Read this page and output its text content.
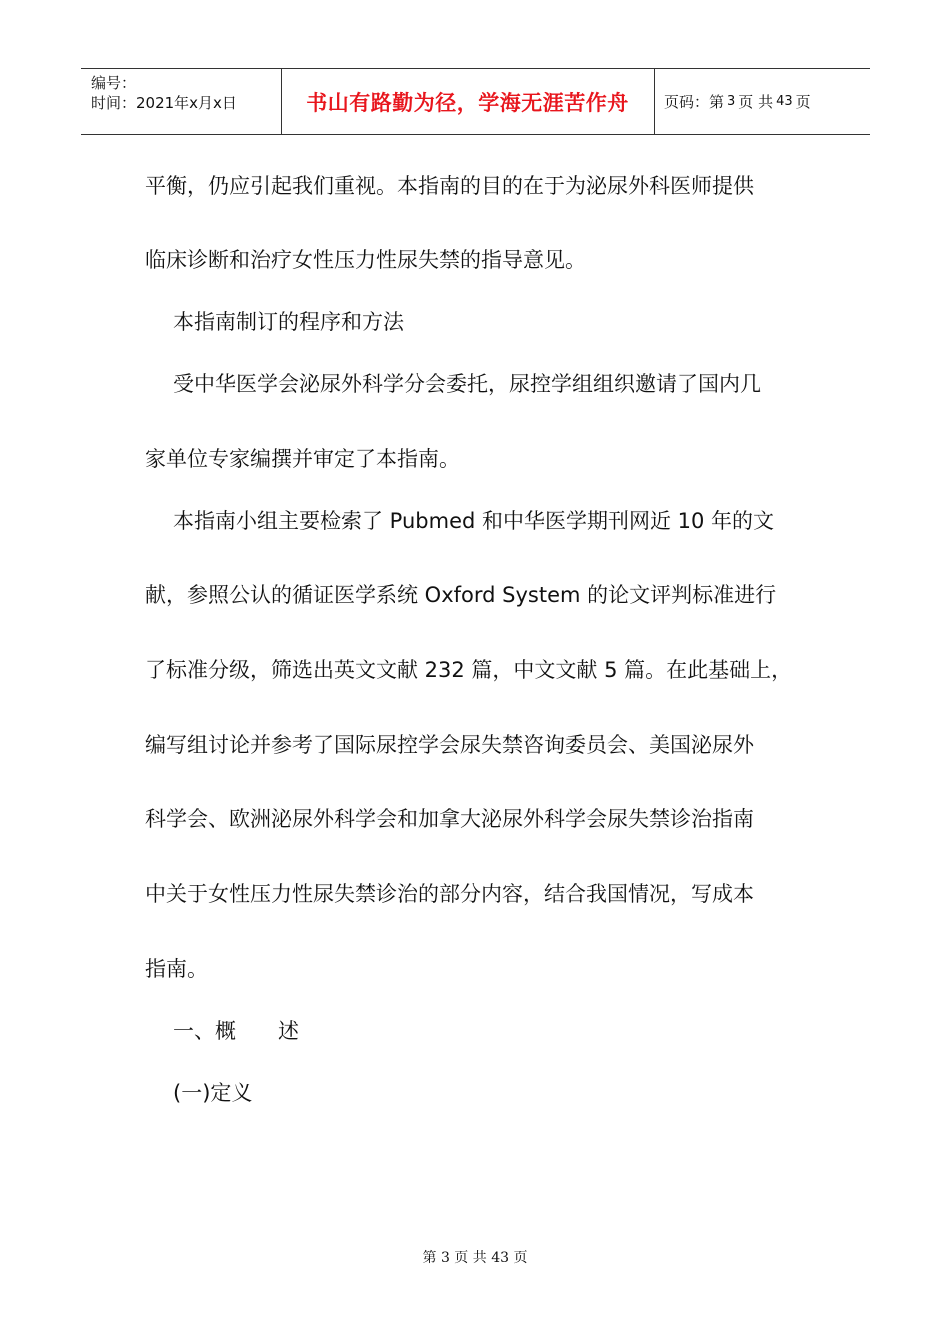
编号：
时间：2021年x月x日	书山有路勤为径，学海无涯苦作舟	页码：第 3 页 共 43 页
平衡，仍应引起我们重视。本指南的目的在于为泌尿外科医师提供
临床诊断和治疗女性压力性尿失禁的指导意见。
本指南制订的程序和方法
受中华医学会泌尿外科学分会委托，尿控学组组织邀请了国内几
家单位专家编撰并审定了本指南。
本指南小组主要检索了 Pubmed 和中华医学期刊网近 10 年的文
献，参照公认的循证医学系统 Oxford System 的论文评判标准进行
了标准分级，筛选出英文文献 232 篇，中文文献 5 篇。在此基础上，
编写组讨论并参考了国际尿控学会尿失禁咨询委员会、美国泌尿外
科学会、欧洲泌尿外科学会和加拿大泌尿外科学会尿失禁诊治指南
中关于女性压力性尿失禁诊治的部分内容，结合我国情况，写成本
指南。
一、概　　述
(一)定义
第 3 页 共 43 页
